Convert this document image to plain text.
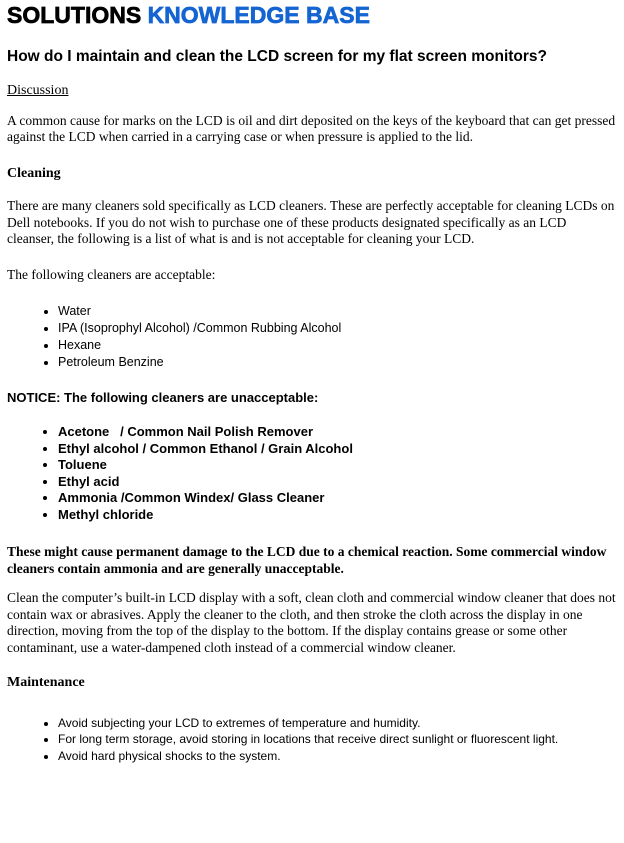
SOLUTIONS KNOWLEDGE BASE
How do I maintain and clean the LCD screen for my flat screen monitors?
Discussion
A common cause for marks on the LCD is oil and dirt deposited on the keys of the keyboard that can get pressed against the LCD when carried in a carrying case or when pressure is applied to the lid.
Cleaning
There are many cleaners sold specifically as LCD cleaners. These are perfectly acceptable for cleaning LCDs on Dell notebooks. If you do not wish to purchase one of these products designated specifically as an LCD cleanser, the following is a list of what is and is not acceptable for cleaning your LCD.
The following cleaners are acceptable:
• Water
• IPA (Isoprophyl Alcohol) /Common Rubbing Alcohol
• Hexane
• Petroleum Benzine
NOTICE: The following cleaners are unacceptable:
• Acetone   / Common Nail Polish Remover
• Ethyl alcohol / Common Ethanol / Grain Alcohol
• Toluene
• Ethyl acid
• Ammonia /Common Windex/ Glass Cleaner
• Methyl chloride
These might cause permanent damage to the LCD due to a chemical reaction. Some commercial window cleaners contain ammonia and are generally unacceptable.
Clean the computer’s built-in LCD display with a soft, clean cloth and commercial window cleaner that does not contain wax or abrasives. Apply the cleaner to the cloth, and then stroke the cloth across the display in one direction, moving from the top of the display to the bottom. If the display contains grease or some other contaminant, use a water-dampened cloth instead of a commercial window cleaner.
Maintenance
• Avoid subjecting your LCD to extremes of temperature and humidity.
• For long term storage, avoid storing in locations that receive direct sunlight or fluorescent light.
• Avoid hard physical shocks to the system.
